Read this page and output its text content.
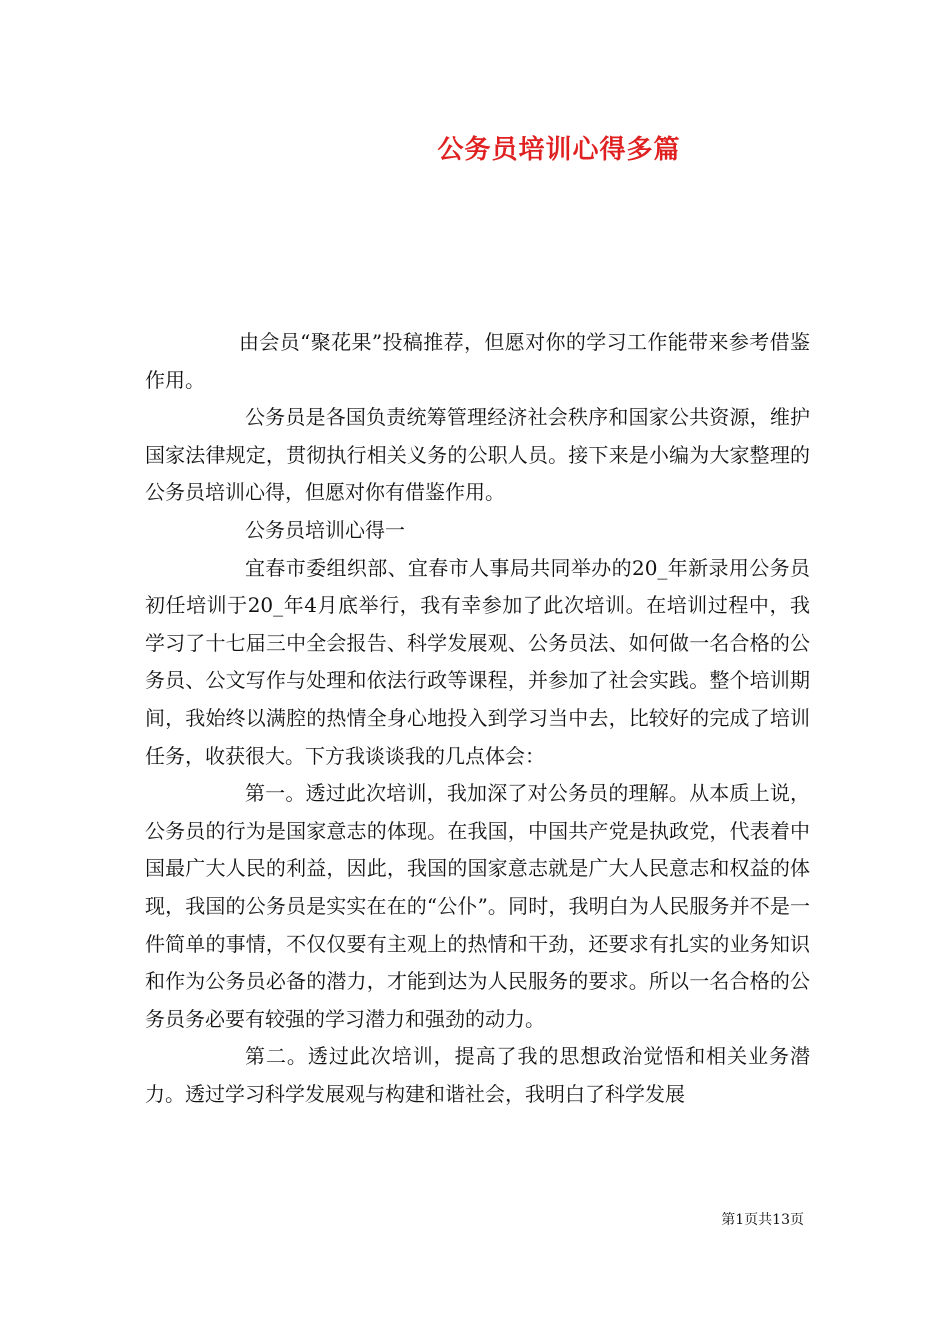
公务员培训心得多篇

由会员“聚花果”投稿推荐，但愿对你的学习工作能带来参考借鉴作用。

公务员是各国负责统筹管理经济社会秩序和国家公共资源，维护国家法律规定，贯彻执行相关义务的公职人员。接下来是小编为大家整理的公务员培训心得，但愿对你有借鉴作用。

公务员培训心得一

宜春市委组织部、宜春市人事局共同举办的20_年新录用公务员初任培训于20_年4月底举行，我有幸参加了此次培训。在培训过程中，我学习了十七届三中全会报告、科学发展观、公务员法、如何做一名合格的公务员、公文写作与处理和依法行政等课程，并参加了社会实践。整个培训期间，我始终以满腔的热情全身心地投入到学习当中去，比较好的完成了培训任务，收获很大。下方我谈谈我的几点体会：

第一。透过此次培训，我加深了对公务员的理解。从本质上说，公务员的行为是国家意志的体现。在我国，中国共产党是执政党，代表着中国最广大人民的利益，因此，我国的国家意志就是广大人民意志和权益的体现，我国的公务员是实实在在的“公仆”。同时，我明白为人民服务并不是一件简单的事情，不仅仅要有主观上的热情和干劲，还要求有扎实的业务知识和作为公务员必备的潜力，才能到达为人民服务的要求。所以一名合格的公务员务必要有较强的学习潜力和强劲的动力。

第二。透过此次培训，提高了我的思想政治觉悟和相关业务潜力。透过学习科学发展观与构建和谐社会，我明白了科学发展

第1页共13页
